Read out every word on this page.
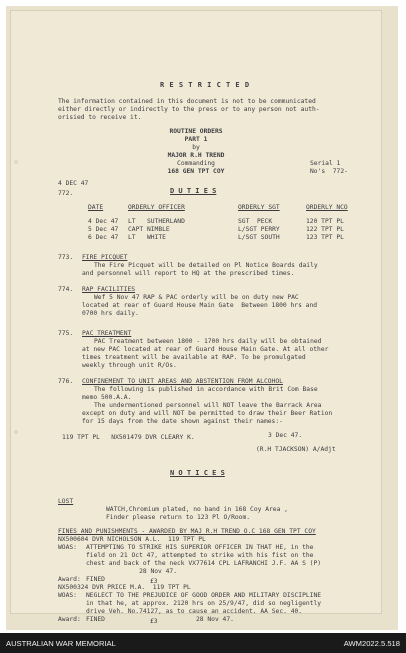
R E S T R I C T E D
The information contained in this document is not to be communicated
either directly or indirectly to the press or to any person not auth-
orisied to receive it.
ROUTINE ORDERS
PART 1
by
MAJOR R.H TREND
Commanding
168 GEN TPT COY
Serial 1
No's  772-
4 DEC 47
772.	D U T I E S
DATE	ORDERLY OFFICER	ORDERLY SGT	ORDERLY NCO
4 Dec 47 LT   SUTHERLAND	SGT  PECK	120 TPT PL
5 Dec 47 CAPT NIMBLE	L/SGT PERRY	122 TPT PL
6 Dec 47 LT   WHITE	L/SGT SOUTH	123 TPT PL
773. FIRE PICQUET
The Fire Picquet will be detailed on Pl Notice Boards daily
and personnel will report to HQ at the prescribed times.
774. RAP FACILITIES
Wef 5 Nov 47 RAP & PAC orderly will be on duty new PAC
located at rear of Guard House Main Gate  Between 1800 hrs and
0700 hrs daily.
775. PAC TREATMENT
PAC Treatment between 1800 - 1700 hrs daily will be obtained
at new PAC located at rear of Guard House Main Gate. At all other
times treatment will be available at RAP. To be promulgated
weekly through unit R/Os.
776. CONFINEMENT TO UNIT AREAS AND ABSTENTION FROM ALCOHOL
The following is published in accordance with Brit Com Base
memo 500.A.A.
The undermentioned personnel will NOT leave the Barrack Area
except on duty and will NOT be permitted to draw their Beer Ration
for 15 days from the date shown against their names:-
119 TPT PL   NX501479 DVR CLEARY K.	3 Dec 47.
(R.H TJACKSON) A/Adjt
N O T I C E S
LOST
WATCH,Chromium plated, no band in 168 Coy Area ,
Finder please return to 123 Pl O/Room.
FINES AND PUNISHMENTS - AWARDED BY MAJ R.H TREND O.C 168 GEN TPT COY
NX500604 DVR NICHOLSON A.L.  119 TPT PL
WOAS: ATTEMPTING TO STRIKE HIS SUPERIOR OFFICER IN THAT HE, in the
field on 21 Oct 47, attempted to strike with his fist on the
chest and back of the neck VX77614 CPL LAFRANCHI J.F. AA S (P)
28 Nov 47.
Award: FINED	£3
NX500324 DVR PRICE M.A.  119 TPT PL
WOAS: NEGLECT TO THE PREJUDICE OF GOOD ORDER AND MILITARY DISCIPLINE
in that he, at approx. 2120 hrs on 25/9/47, did so negligently
drive Veh. No.74127, as to cause an accident. AA Sec. 40.
Award: FINED	£3	28 Nov 47.
AUSTRALIAN WAR MEMORIAL	AWM2022.5.518
